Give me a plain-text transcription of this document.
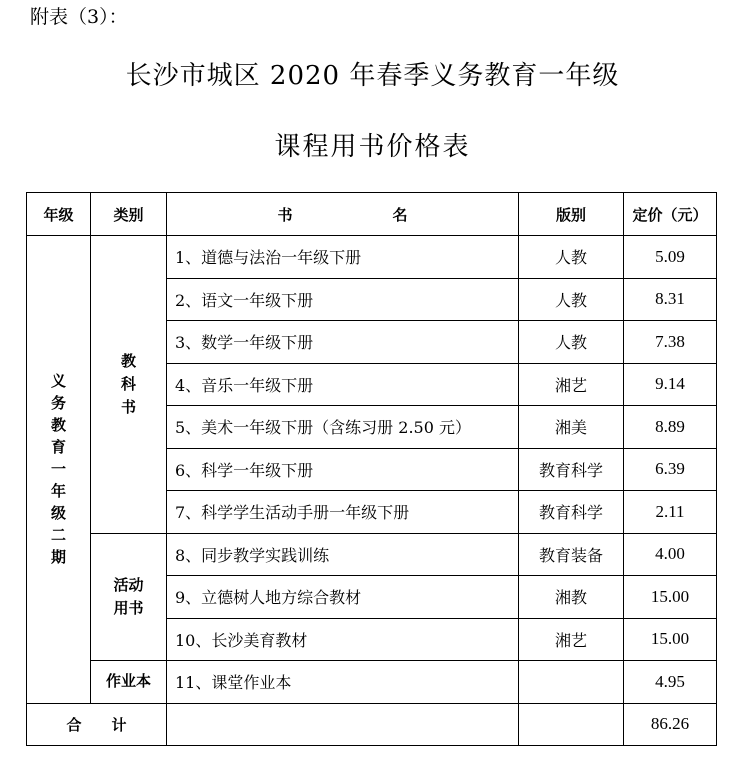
附表（3）：
长沙市城区 2020 年春季义务教育一年级
课程用书价格表
年级	类别	书名	版别	定价（元）

义务教育一年级二期	教科书	1、道德与法治一年级下册	人教	5.09
		2、语文一年级下册	人教	8.31
		3、数学一年级下册	人教	7.38
		4、音乐一年级下册	湘艺	9.14
		5、美术一年级下册（含练习册 2.50 元）	湘美	8.89
		6、科学一年级下册	教育科学	6.39
		7、科学学生活动手册一年级下册	教育科学	2.11

	活动用书	8、同步教学实践训练	教育装备	4.00
		9、立德树人地方综合教材	湘教	15.00
		10、长沙美育教材	湘艺	15.00
	作业本	11、课堂作业本		4.95
合计				86.26
